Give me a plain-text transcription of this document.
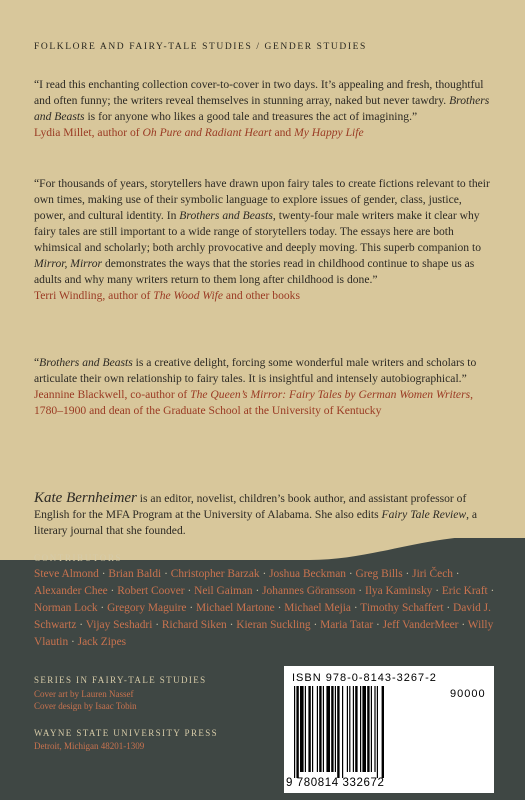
FOLKLORE AND FAIRY-TALE STUDIES / GENDER STUDIES
“I read this enchanting collection cover-to-cover in two days. It’s appealing and fresh, thoughtful and often funny; the writers reveal themselves in stunning array, naked but never tawdry. Brothers and Beasts is for anyone who likes a good tale and treasures the act of imagining.”
Lydia Millet, author of Oh Pure and Radiant Heart and My Happy Life
“For thousands of years, storytellers have drawn upon fairy tales to create fictions relevant to their own times, making use of their symbolic language to explore issues of gender, class, justice, power, and cultural identity. In Brothers and Beasts, twenty-four male writers make it clear why fairy tales are still important to a wide range of storytellers today. The essays here are both whimsical and scholarly; both archly provocative and deeply moving. This superb companion to Mirror, Mirror demonstrates the ways that the stories read in childhood continue to shape us as adults and why many writers return to them long after childhood is done.”
Terri Windling, author of The Wood Wife and other books
“Brothers and Beasts is a creative delight, forcing some wonderful male writers and scholars to articulate their own relationship to fairy tales. It is insightful and intensely autobiographical.”
Jeannine Blackwell, co-author of The Queen’s Mirror: Fairy Tales by German Women Writers, 1780–1900 and dean of the Graduate School at the University of Kentucky
Kate Bernheimer is an editor, novelist, children’s book author, and assistant professor of English for the MFA Program at the University of Alabama. She also edits Fairy Tale Review, a literary journal that she founded.
CONTRIBUTORS
Steve Almond · Brian Baldi · Christopher Barzak · Joshua Beckman · Greg Bills · Jiri Čech · Alexander Chee · Robert Coover · Neil Gaiman · Johannes Göransson · Ilya Kaminsky · Eric Kraft · Norman Lock · Gregory Maguire · Michael Martone · Michael Mejia · Timothy Schaffert · David J. Schwartz · Vijay Seshadri · Richard Siken · Kieran Suckling · Maria Tatar · Jeff VanderMeer · Willy Vlautin · Jack Zipes
SERIES IN FAIRY-TALE STUDIES
Cover art by Lauren Nassef
Cover design by Isaac Tobin
WAYNE STATE UNIVERSITY PRESS
Detroit, Michigan 48201-1309
ISBN 978-0-8143-3267-2
90000
9 780814 332672
